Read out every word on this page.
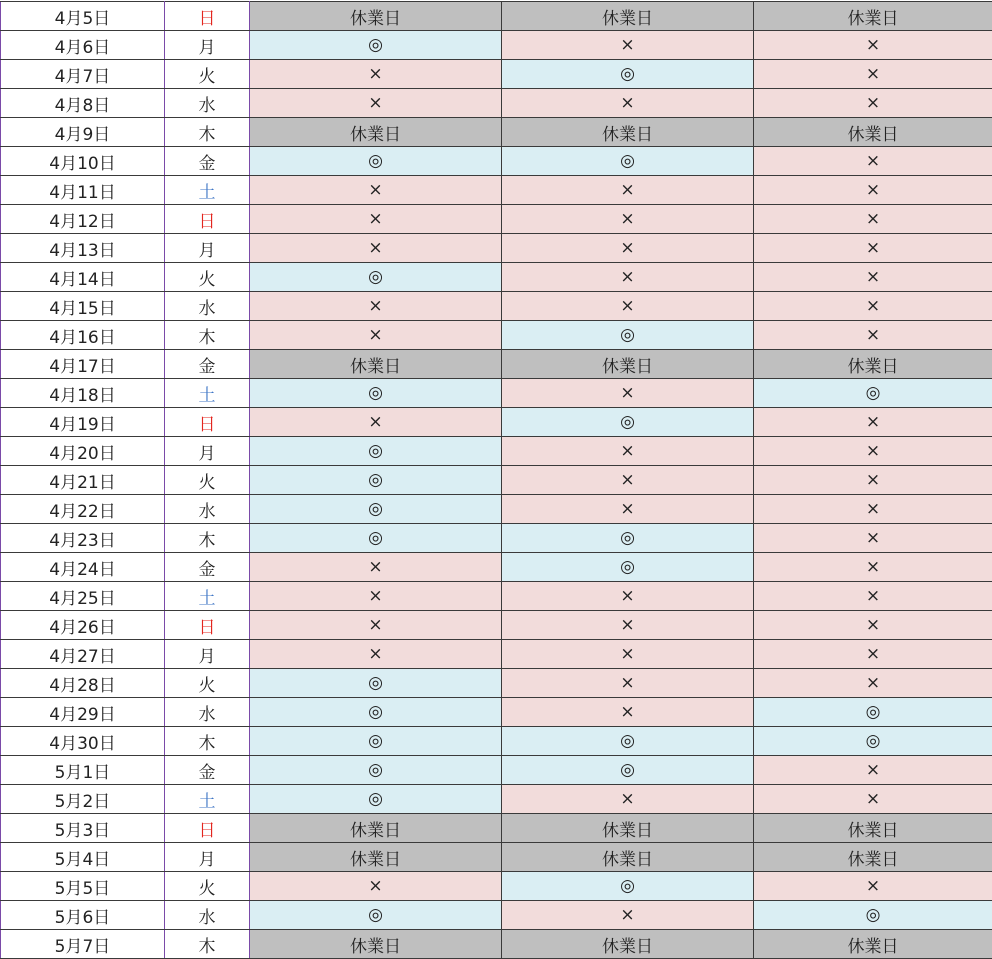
4月5日	日	休業日	休業日	休業日
4月6日	月	◎	×	×
4月7日	火	×	◎	×
4月8日	水	×	×	×
4月9日	木	休業日	休業日	休業日
4月10日	金	◎	◎	×
4月11日	土	×	×	×
4月12日	日	×	×	×
4月13日	月	×	×	×
4月14日	火	◎	×	×
4月15日	水	×	×	×
4月16日	木	×	◎	×
4月17日	金	休業日	休業日	休業日
4月18日	土	◎	×	◎
4月19日	日	×	◎	×
4月20日	月	◎	×	×
4月21日	火	◎	×	×
4月22日	水	◎	×	×
4月23日	木	◎	◎	×
4月24日	金	×	◎	×
4月25日	土	×	×	×
4月26日	日	×	×	×
4月27日	月	×	×	×
4月28日	火	◎	×	×
4月29日	水	◎	×	◎
4月30日	木	◎	◎	◎
5月1日	金	◎	◎	×
5月2日	土	◎	×	×
5月3日	日	休業日	休業日	休業日
5月4日	月	休業日	休業日	休業日
5月5日	火	×	◎	×
5月6日	水	◎	×	◎
5月7日	木	休業日	休業日	休業日
